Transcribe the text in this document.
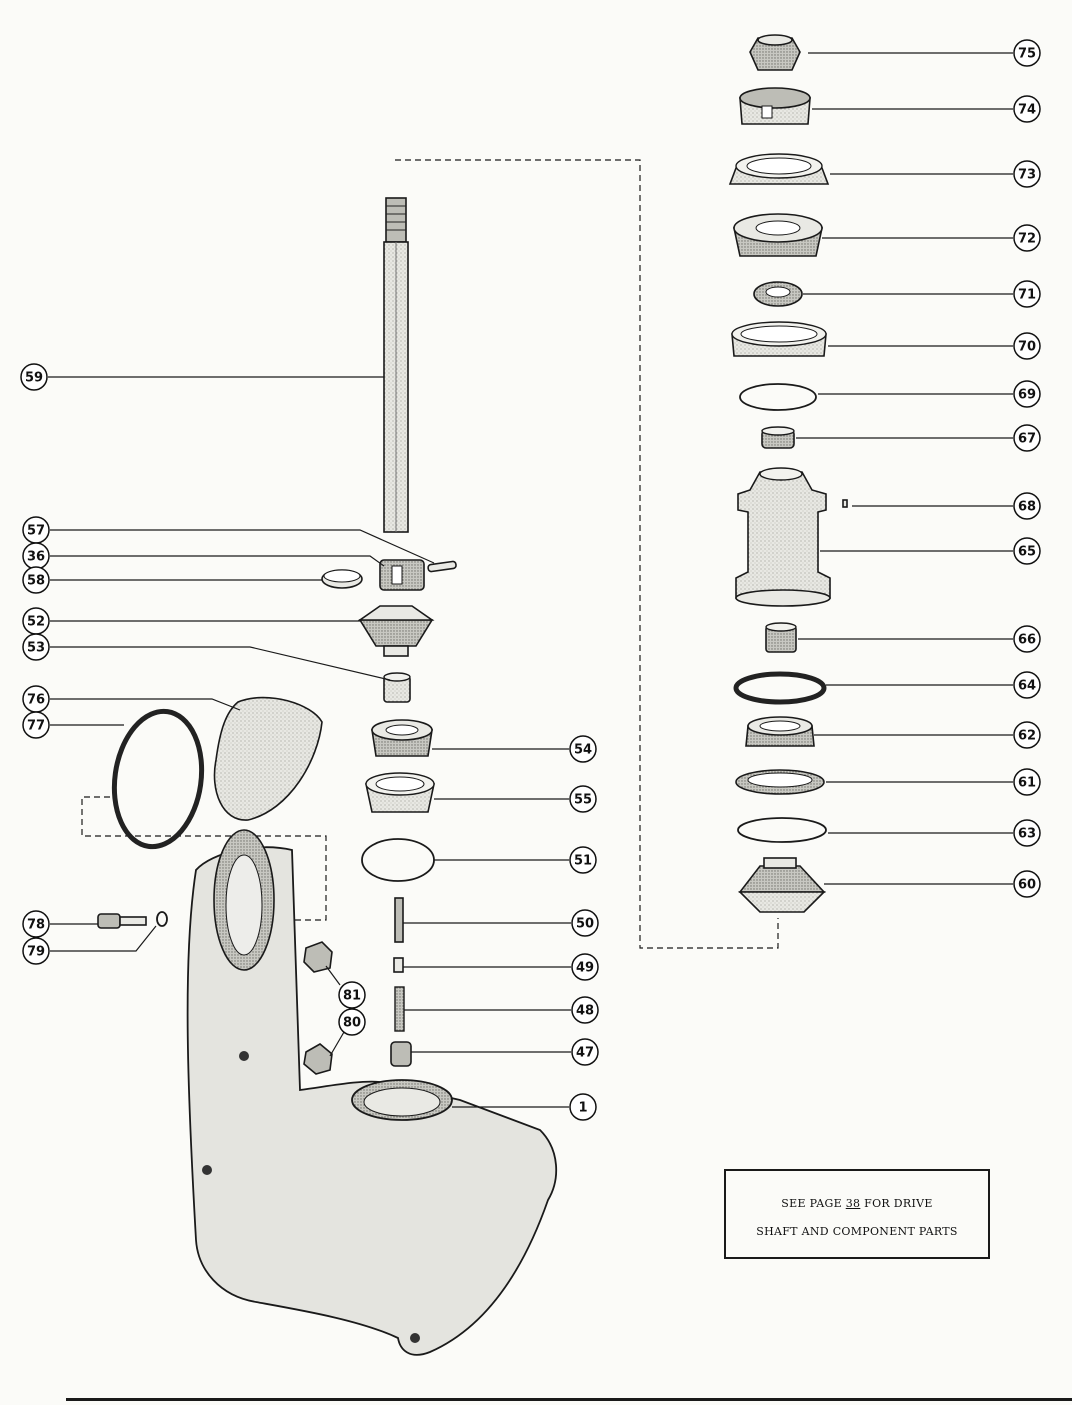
75
74
73
72
71
70
69
67
68
65
66
64
62
61
63
60
59
57
36
58
52
53
76
77
54
55
51
50
49
48
47
1
78
79
81
80
SEE PAGE 38 FOR DRIVE
SHAFT AND COMPONENT PARTS
